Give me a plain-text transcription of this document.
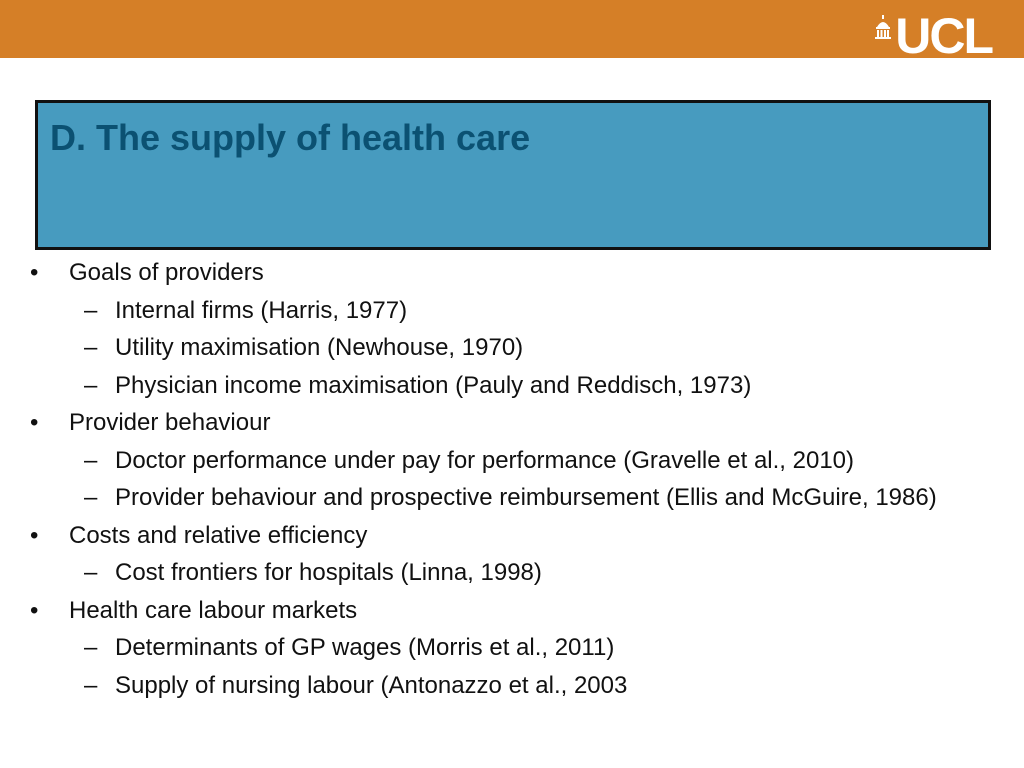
UCL
D. The supply of health care
• Goals of providers
– Internal firms (Harris, 1977)
– Utility maximisation (Newhouse, 1970)
– Physician income maximisation (Pauly and Reddisch, 1973)
• Provider behaviour
– Doctor performance under pay for performance (Gravelle et al., 2010)
– Provider behaviour and prospective reimbursement (Ellis and McGuire, 1986)
• Costs and relative efficiency
– Cost frontiers for hospitals (Linna, 1998)
• Health care labour markets
– Determinants of GP wages (Morris et al., 2011)
– Supply of nursing labour (Antonazzo et al., 2003
